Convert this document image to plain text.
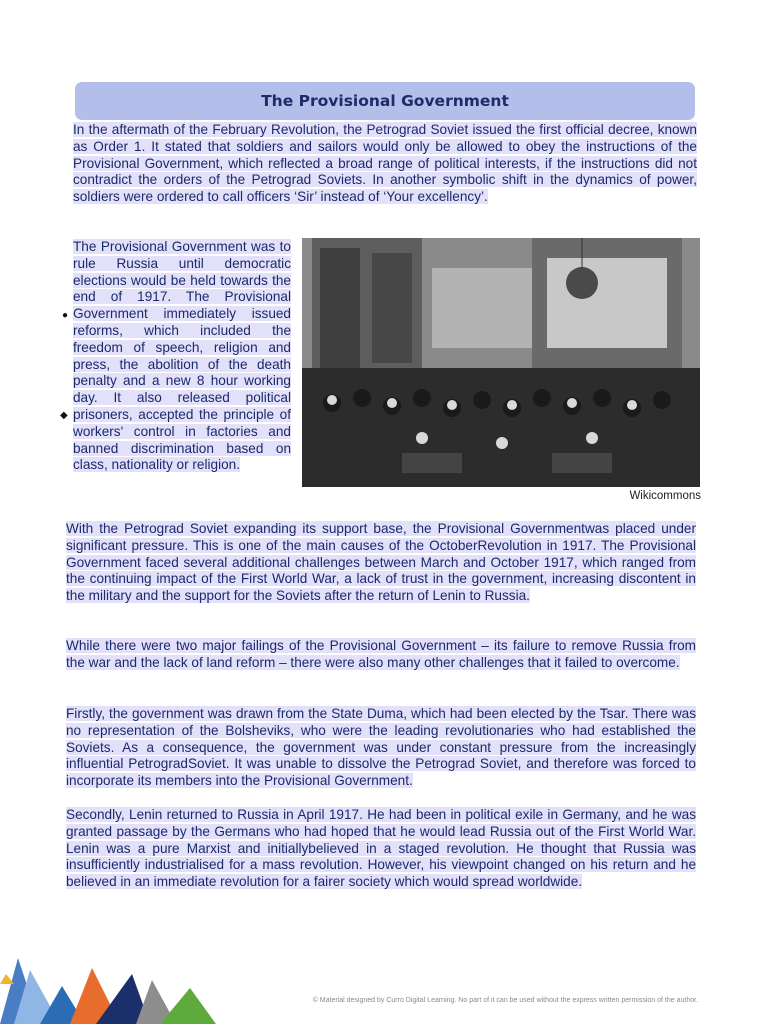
The Provisional Government

In the aftermath of the February Revolution, the Petrograd Soviet issued the first official decree, known as Order 1. It stated that soldiers and sailors would only be allowed to obey the instructions of the Provisional Government, which reflected a broad range of political interests, if the instructions did not contradict the orders of the Petrograd Soviets. In another symbolic shift in the dynamics of power, soldiers were ordered to call officers ‘Sir’ instead of ‘Your excellency’.

The Provisional Government was to rule Russia until democratic elections would be held towards the end of 1917. The Provisional Government immediately issued reforms, which included the freedom of speech, religion and press, the abolition of the death penalty and a new 8 hour working day. It also released political prisoners, accepted the principle of workers' control in factories and banned discrimination based on class, nationality or religion.

●
◆

Wikicommons

With the Petrograd Soviet expanding its support base, the Provisional Governmentwas placed under significant pressure. This is one of the main causes of the OctoberRevolution in 1917. The Provisional Government faced several additional challenges between March and October 1917, which ranged from the continuing impact of the First World War, a lack of trust in the government, increasing discontent in the military and the support for the Soviets after the return of Lenin to Russia.

While there were two major failings of the Provisional Government – its failure to remove Russia from the war and the lack of land reform – there were also many other challenges that it failed to overcome.

Firstly, the government was drawn from the State Duma, which had been elected by the Tsar. There was no representation of the Bolsheviks, who were the leading revolutionaries who had established the Soviets. As a consequence, the government was under constant pressure from the increasingly influential PetrogradSoviet. It was unable to dissolve the Petrograd Soviet, and therefore was forced to incorporate its members into the Provisional Government.

Secondly, Lenin returned to Russia in April 1917. He had been in political exile in Germany, and he was granted passage by the Germans who had hoped that he would lead Russia out of the First World War. Lenin was a pure Marxist and initiallybelieved in a staged revolution. He thought that Russia was insufficiently industrialised for a mass revolution. However, his viewpoint changed on his return and he believed in an immediate revolution for a fairer society which would spread worldwide.

© Material designed by Curro Digital Learning. No part of it can be used without the express written permission of the author.
